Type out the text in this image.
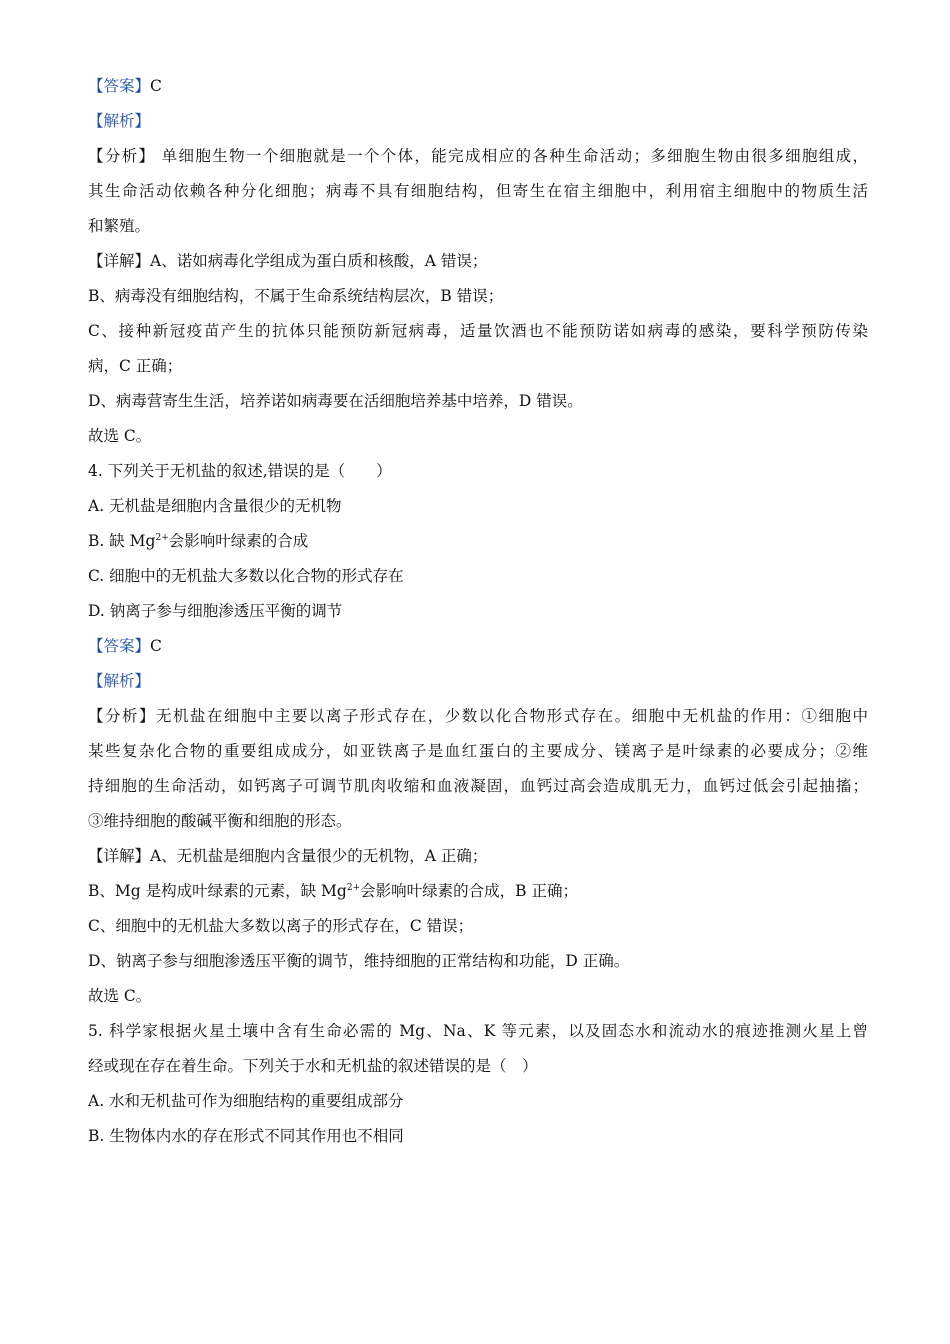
【答案】C

【解析】

【分析】 单细胞生物一个细胞就是一个个体，能完成相应的各种生命活动；多细胞生物由很多细胞组成，

其生命活动依赖各种分化细胞；病毒不具有细胞结构，但寄生在宿主细胞中，利用宿主细胞中的物质生活

和繁殖。

【详解】A、诺如病毒化学组成为蛋白质和核酸，A 错误；

B、病毒没有细胞结构，不属于生命系统结构层次，B 错误；

C、接种新冠疫苗产生的抗体只能预防新冠病毒，适量饮酒也不能预防诺如病毒的感染，要科学预防传染

病，C 正确；

D、病毒营寄生生活，培养诺如病毒要在活细胞培养基中培养，D 错误。

故选 C。

4. 下列关于无机盐的叙述,错误的是（　　）

A. 无机盐是细胞内含量很少的无机物

B. 缺 $Mg^{2+}$会影响叶绿素的合成

C. 细胞中的无机盐大多数以化合物的形式存在

D. 钠离子参与细胞渗透压平衡的调节

【答案】C

【解析】

【分析】无机盐在细胞中主要以离子形式存在，少数以化合物形式存在。细胞中无机盐的作用：①细胞中

某些复杂化合物的重要组成成分，如亚铁离子是血红蛋白的主要成分、镁离子是叶绿素的必要成分；②维

持细胞的生命活动，如钙离子可调节肌肉收缩和血液凝固，血钙过高会造成肌无力，血钙过低会引起抽搐；

③维持细胞的酸碱平衡和细胞的形态。

【详解】A、无机盐是细胞内含量很少的无机物，A 正确；

B、Mg 是构成叶绿素的元素，缺 $Mg^{2+}$会影响叶绿素的合成，B 正确；

C、细胞中的无机盐大多数以离子的形式存在，C 错误；

D、钠离子参与细胞渗透压平衡的调节，维持细胞的正常结构和功能，D 正确。

故选 C。

5. 科学家根据火星土壤中含有生命必需的 Mg、Na、K 等元素，以及固态水和流动水的痕迹推测火星上曾

经或现在存在着生命。下列关于水和无机盐的叙述错误的是（　）

A. 水和无机盐可作为细胞结构的重要组成部分

B. 生物体内水的存在形式不同其作用也不相同
